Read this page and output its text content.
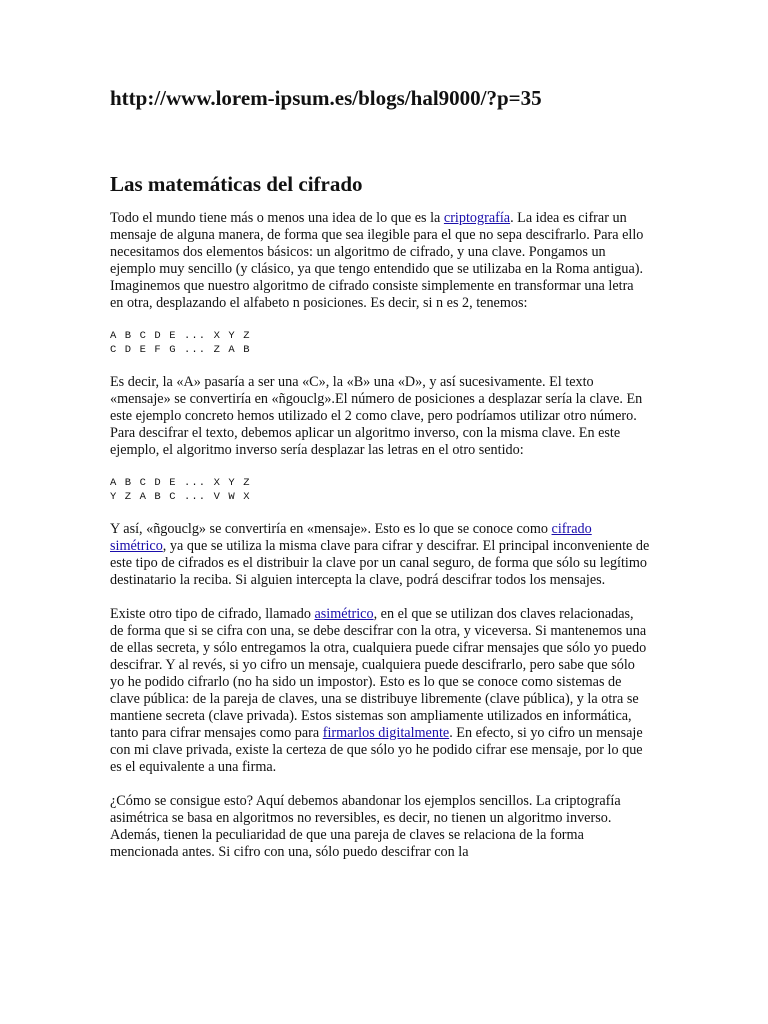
http://www.lorem-ipsum.es/blogs/hal9000/?p=35
Las matemáticas del cifrado

Todo el mundo tiene más o menos una idea de lo que es la criptografía. La idea es cifrar un mensaje de alguna manera, de forma que sea ilegible para el que no sepa descifrarlo. Para ello necesitamos dos elementos básicos: un algoritmo de cifrado, y una clave. Pongamos un ejemplo muy sencillo (y clásico, ya que tengo entendido que se utilizaba en la Roma antigua). Imaginemos que nuestro algoritmo de cifrado consiste simplemente en transformar una letra en otra, desplazando el alfabeto n posiciones. Es decir, si n es 2, tenemos:

A B C D E ... X Y Z
C D E F G ... Z A B

Es decir, la «A» pasaría a ser una «C», la «B» una «D», y así sucesivamente. El texto «mensaje» se convertiría en «ñgouclg».El número de posiciones a desplazar sería la clave. En este ejemplo concreto hemos utilizado el 2 como clave, pero podríamos utilizar otro número. Para descifrar el texto, debemos aplicar un algoritmo inverso, con la misma clave. En este ejemplo, el algoritmo inverso sería desplazar las letras en el otro sentido:

A B C D E ... X Y Z
Y Z A B C ... V W X

Y así, «ñgouclg» se convertiría en «mensaje». Esto es lo que se conoce como cifrado simétrico, ya que se utiliza la misma clave para cifrar y descifrar. El principal inconveniente de este tipo de cifrados es el distribuir la clave por un canal seguro, de forma que sólo su legítimo destinatario la reciba. Si alguien intercepta la clave, podrá descifrar todos los mensajes.

Existe otro tipo de cifrado, llamado asimétrico, en el que se utilizan dos claves relacionadas, de forma que si se cifra con una, se debe descifrar con la otra, y viceversa. Si mantenemos una de ellas secreta, y sólo entregamos la otra, cualquiera puede cifrar mensajes que sólo yo puedo descifrar. Y al revés, si yo cifro un mensaje, cualquiera puede descifrarlo, pero sabe que sólo yo he podido cifrarlo (no ha sido un impostor). Esto es lo que se conoce como sistemas de clave pública: de la pareja de claves, una se distribuye libremente (clave pública), y la otra se mantiene secreta (clave privada). Estos sistemas son ampliamente utilizados en informática, tanto para cifrar mensajes como para firmarlos digitalmente. En efecto, si yo cifro un mensaje con mi clave privada, existe la certeza de que sólo yo he podido cifrar ese mensaje, por lo que es el equivalente a una firma.

¿Cómo se consigue esto? Aquí debemos abandonar los ejemplos sencillos. La criptografía asimétrica se basa en algoritmos no reversibles, es decir, no tienen un algoritmo inverso. Además, tienen la peculiaridad de que una pareja de claves se relaciona de la forma mencionada antes. Si cifro con una, sólo puedo descifrar con la
